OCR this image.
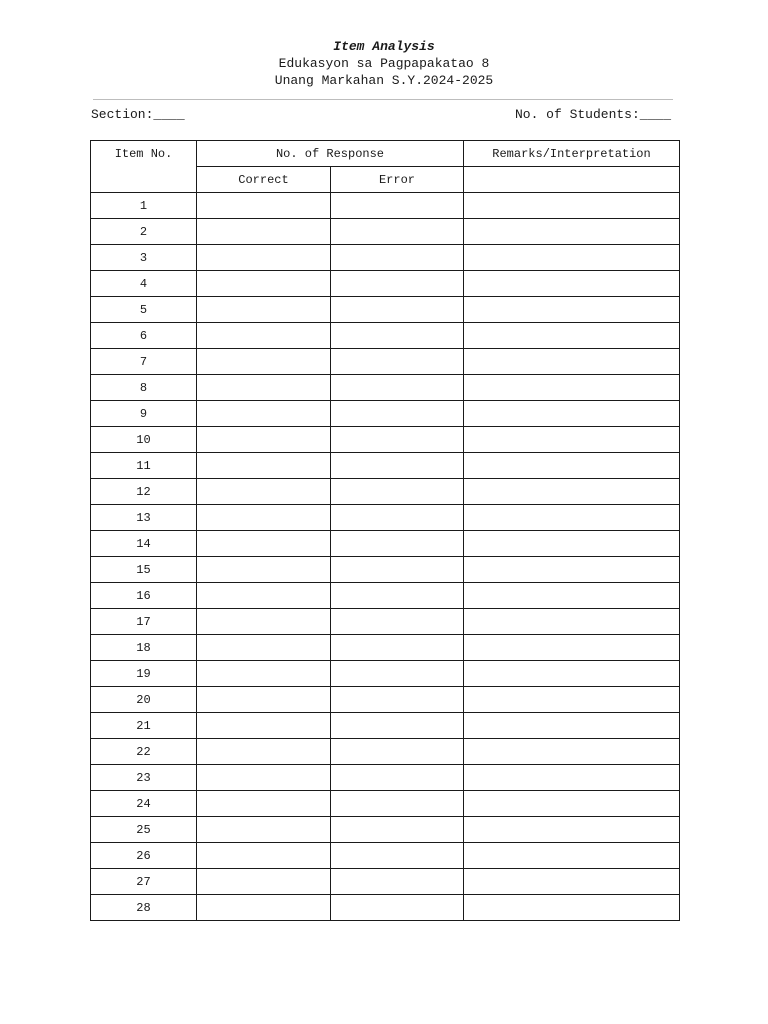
Item Analysis
Edukasyon sa Pagpapakatao 8
Unang Markahan S.Y.2024-2025
Section:____	No. of Students:____
Item No.	No. of Response		Remarks/Interpretation
	Correct	Error	
1			
2			
3			
4			
5			
6			
7			
8			
9			
10			
11			
12			
13			
14			
15			
16			
17			
18			
19			
20			
21			
22			
23			
24			
25			
26			
27			
28			
